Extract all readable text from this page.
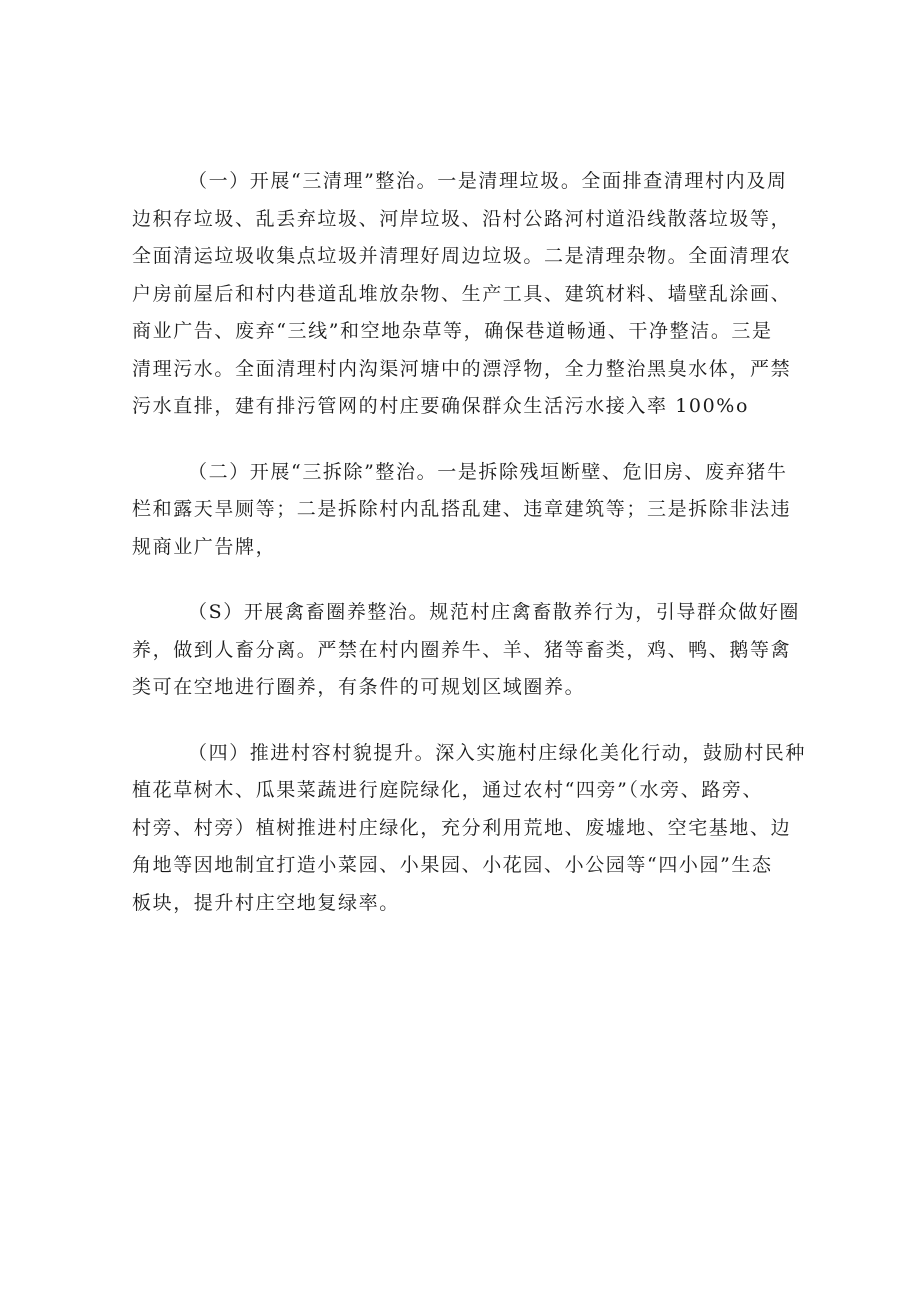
（一）开展“三清理”整治。一是清理垃圾。全面排查清理村内及周
边积存垃圾、乱丢弃垃圾、河岸垃圾、沿村公路河村道沿线散落垃圾等，
全面清运垃圾收集点垃圾并清理好周边垃圾。二是清理杂物。全面清理农
户房前屋后和村内巷道乱堆放杂物、生产工具、建筑材料、墙壁乱涂画、
商业广告、废弃“三线”和空地杂草等，确保巷道畅通、干净整洁。三是
清理污水。全面清理村内沟渠河塘中的漂浮物，全力整治黑臭水体，严禁
污水直排，建有排污管网的村庄要确保群众生活污水接入率 100%o

（二）开展“三拆除”整治。一是拆除残垣断壁、危旧房、废弃猪牛
栏和露天旱厕等；二是拆除村内乱搭乱建、违章建筑等；三是拆除非法违
规商业广告牌，

（S）开展禽畜圈养整治。规范村庄禽畜散养行为，引导群众做好圈
养，做到人畜分离。严禁在村内圈养牛、羊、猪等畜类，鸡、鸭、鹅等禽
类可在空地进行圈养，有条件的可规划区域圈养。

（四）推进村容村貌提升。深入实施村庄绿化美化行动，鼓励村民种
植花草树木、瓜果菜蔬进行庭院绿化，通过农村“四旁”（水旁、路旁、
村旁、村旁）植树推进村庄绿化，充分利用荒地、废墟地、空宅基地、边
角地等因地制宜打造小菜园、小果园、小花园、小公园等“四小园”生态
板块，提升村庄空地复绿率。
